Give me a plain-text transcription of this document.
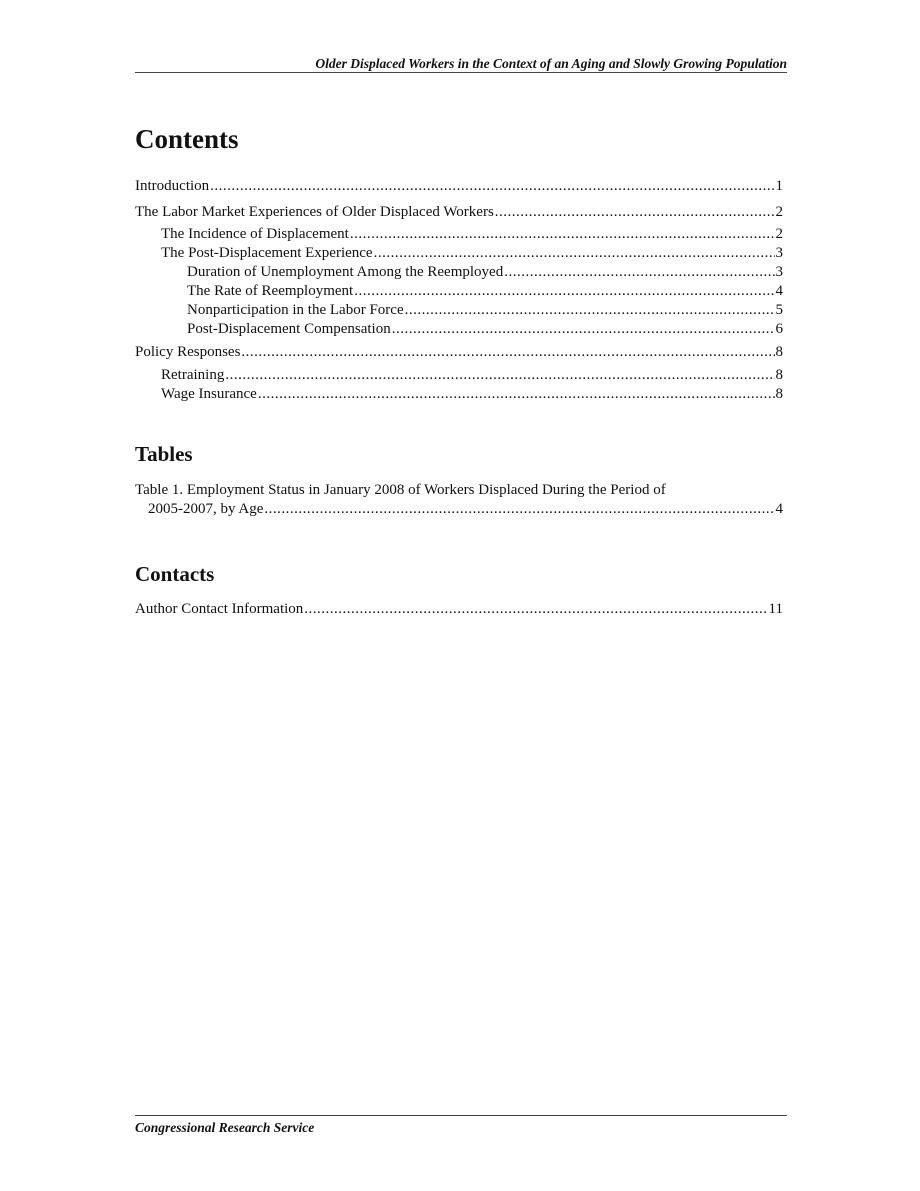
Older Displaced Workers in the Context of an Aging and Slowly Growing Population
Contents
Introduction .....	1
The Labor Market Experiences of Older Displaced Workers .....	2
The Incidence of Displacement .....	2
The Post-Displacement Experience .....	3
Duration of Unemployment Among the Reemployed .....	3
The Rate of Reemployment .....	4
Nonparticipation in the Labor Force .....	5
Post-Displacement Compensation .....	6
Policy Responses .....	8
Retraining .....	8
Wage Insurance .....	8
Tables
Table 1. Employment Status in January 2008 of Workers Displaced During the Period of
2005-2007, by Age .....	4
Contacts
Author Contact Information .....	11
Congressional Research Service
